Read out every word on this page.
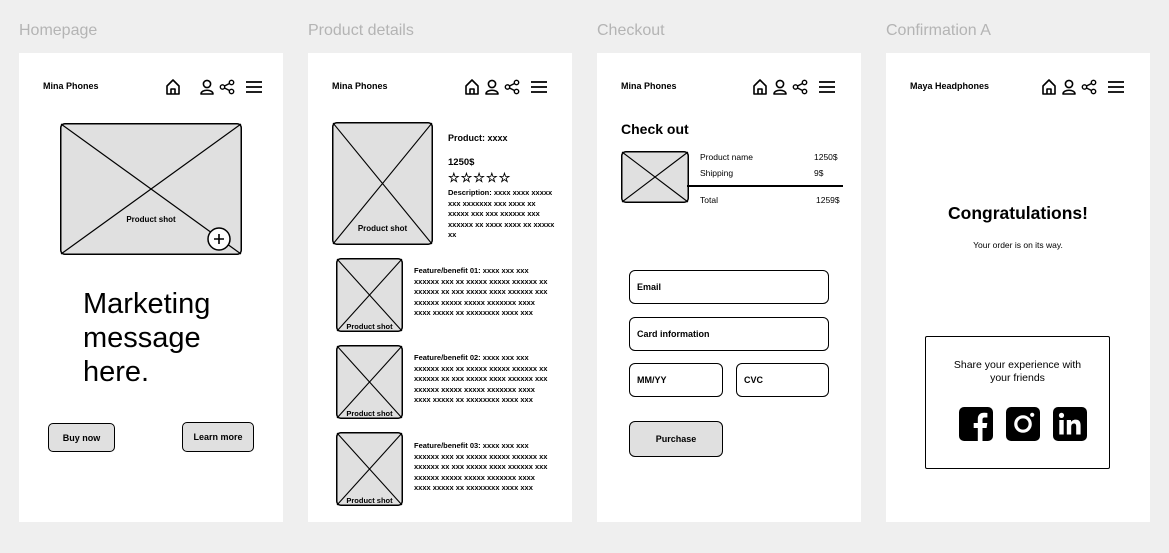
Homepage	Product details	Checkout	Confirmation A
Mina Phones
Product shot
Marketing message here.
Buy now	Learn more
Mina Phones
Product shot
Product: xxxx
1250$
☆☆☆☆☆
Description: xxxx xxxx xxxxx xxx xxxxxxx xxx xxxx xx xxxxx xxx xxx xxxxxx xxx xxxxxx xx xxxx xxxx xx xxxxx xx
Product shot
Feature/benefit 01: xxxx xxx xxx xxxxxx xxx xx xxxxx xxxxx xxxxxx xx xxxxxx xx xxx xxxxx xxxx xxxxxx xxx xxxxxx xxxxx xxxxx xxxxxxx xxxx xxxx xxxxx xx xxxxxxxx xxxx xxx
Product shot
Feature/benefit 02: xxxx xxx xxx xxxxxx xxx xx xxxxx xxxxx xxxxxx xx xxxxxx xx xxx xxxxx xxxx xxxxxx xxx xxxxxx xxxxx xxxxx xxxxxxx xxxx xxxx xxxxx xx xxxxxxxx xxxx xxx
Product shot
Feature/benefit 03: xxxx xxx xxx xxxxxx xxx xx xxxxx xxxxx xxxxxx xx xxxxxx xx xxx xxxxx xxxx xxxxxx xxx xxxxxx xxxxx xxxxx xxxxxxx xxxx xxxx xxxxx xx xxxxxxxx xxxx xxx
Mina Phones
Check out
Product name	1250$
Shipping	9$
Total	1259$
Email
Card information
MM/YY	CVC
Purchase
Maya Headphones
Congratulations!
Your order is on its way.
Share your experience with your friends
